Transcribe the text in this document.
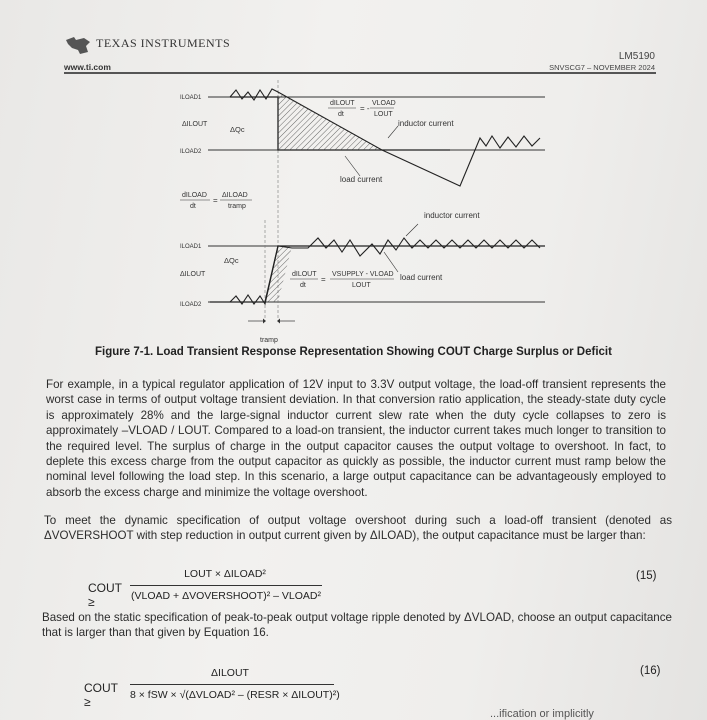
TEXAS INSTRUMENTS
www.ti.com
LM5190
SNVSCG7 – NOVEMBER 2024
ILOAD1
ΔILOUT
ILOAD2
ΔQc
dILOUT
dt
= -
VLOAD
LOUT
inductor current
load current
dILOAD
dt
=
ΔILOAD
tramp
ILOAD1
ΔILOUT
ILOAD2
ΔQc
inductor current
dILOUT
dt
=
VSUPPLY - VLOAD
LOUT
load current
tramp
Figure 7-1. Load Transient Response Representation Showing COUT Charge Surplus or Deficit

For example, in a typical regulator application of 12V input to 3.3V output voltage, the load-off transient represents the worst case in terms of output voltage transient deviation. In that conversion ratio application, the steady-state duty cycle is approximately 28% and the large-signal inductor current slew rate when the duty cycle collapses to zero is approximately –VLOAD / LOUT. Compared to a load-on transient, the inductor current takes much longer to transition to the required level. The surplus of charge in the output capacitor causes the output voltage to overshoot. In fact, to deplete this excess charge from the output capacitor as quickly as possible, the inductor current must ramp below the nominal level following the load step. In this scenario, a large output capacitance can be advantageously employed to absorb the excess charge and minimize the voltage overshoot.

To meet the dynamic specification of output voltage overshoot during such a load-off transient (denoted as ΔVOVERSHOOT with step reduction in output current given by ΔILOAD), the output capacitance must be larger than:

COUT ≥
LOUT × ΔILOAD²
(VLOAD + ΔVOVERSHOOT)² – VLOAD²
(15)

Based on the static specification of peak-to-peak output voltage ripple denoted by ΔVLOAD, choose an output capacitance that is larger than that given by Equation 16.

COUT ≥
ΔILOUT
8 × fSW × √(ΔVLOAD² – (RESR × ΔILOUT)²)
(16)
...ification or implicitly
